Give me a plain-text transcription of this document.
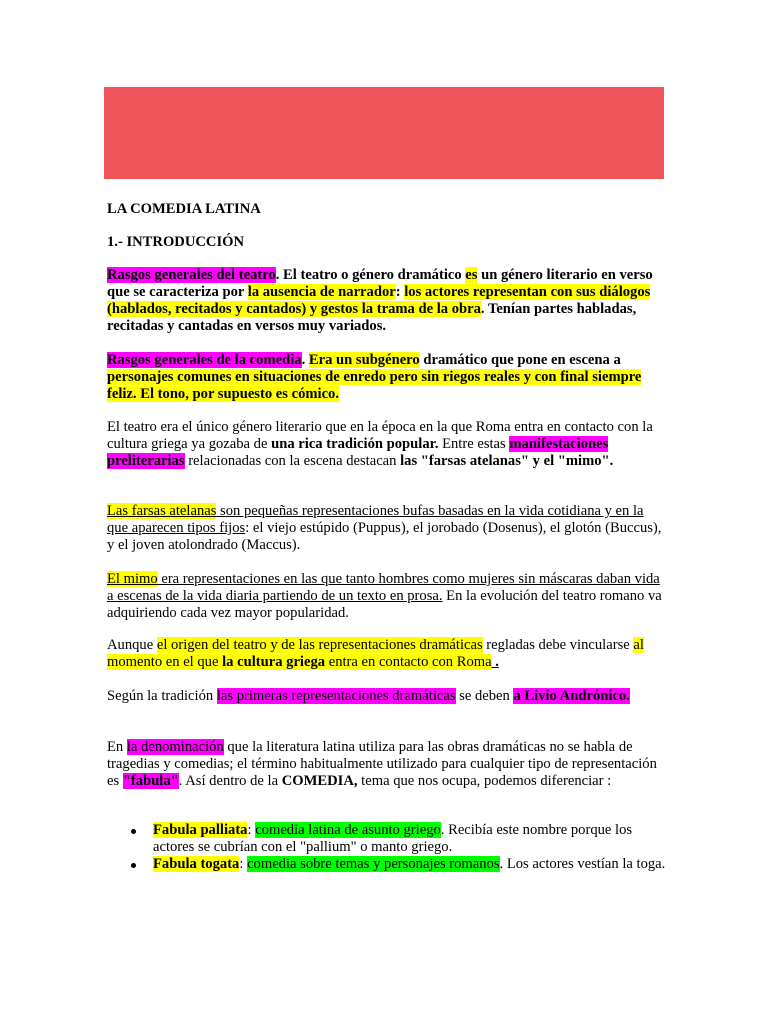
LA COMEDIA LATINA

1.- INTRODUCCIÓN

Rasgos generales del teatro. El teatro o género dramático es un género literario en verso que se caracteriza por la ausencia de narrador: los actores representan con sus diálogos (hablados, recitados y cantados) y gestos la trama de la obra. Tenían partes habladas, recitadas y cantadas en versos muy variados.

Rasgos generales de la comedia. Era un subgénero dramático que pone en escena a personajes comunes en situaciones de enredo pero sin riegos reales y con final siempre feliz. El tono, por supuesto es cómico.

El teatro era el único género literario que en la época en la que Roma entra en contacto con la cultura griega ya gozaba de una rica tradición popular. Entre estas manifestaciones preliterarias relacionadas con la escena destacan las "farsas atelanas" y el "mimo".

Las farsas atelanas son pequeñas representaciones bufas basadas en la vida cotidiana y en la que aparecen tipos fijos: el viejo estúpido (Puppus), el jorobado (Dosenus), el glotón (Buccus), y el joven atolondrado (Maccus).

El mimo era representaciones en las que tanto hombres como mujeres sin máscaras daban vida a escenas de la vida diaria partiendo de un texto en prosa. En la evolución del teatro romano va adquiriendo cada vez mayor popularidad.

Aunque el origen del teatro y de las representaciones dramáticas regladas debe vincularse al momento en el que la cultura griega entra en contacto con Roma .

Según la tradición las primeras representaciones dramáticas se deben a Livio Andrónico.

En la denominación que la literatura latina utiliza para las obras dramáticas no se habla de tragedias y comedias; el término habitualmente utilizado para cualquier tipo de representación es "fabula". Así dentro de la COMEDIA, tema que nos ocupa, podemos diferenciar :

Fabula palliata: comedia latina de asunto griego. Recibía este nombre porque los actores se cubrían con el "pallium" o manto griego.
Fabula togata: comedia sobre temas y personajes romanos. Los actores vestían la toga.
